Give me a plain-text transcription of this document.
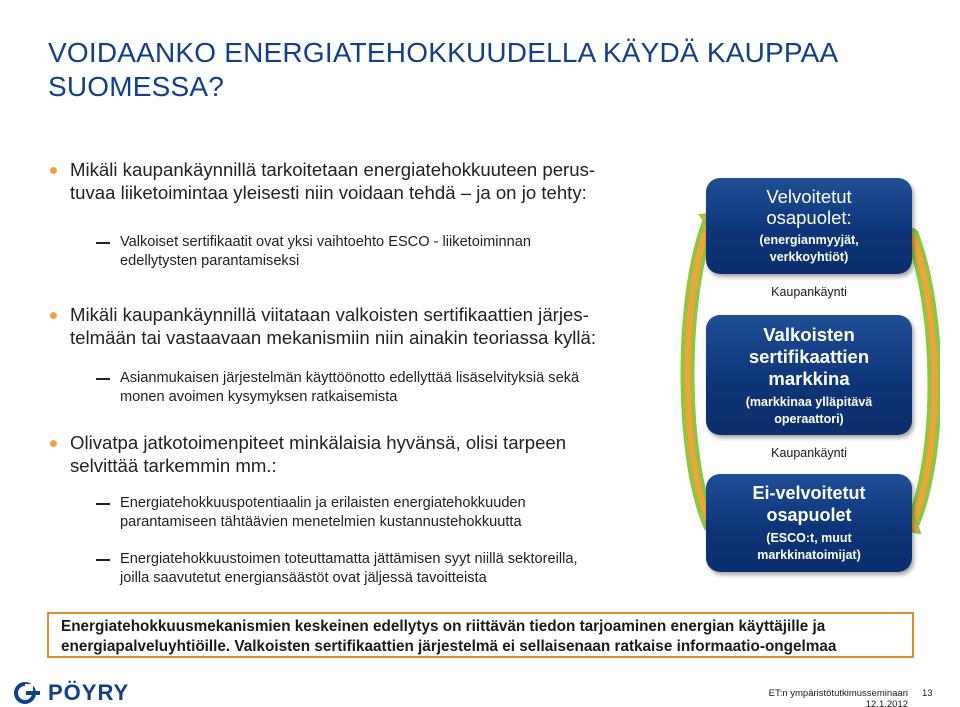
VOIDAANKO ENERGIATEHOKKUUDELLA KÄYDÄ KAUPPAA
SUOMESSA?
Mikäli kaupankäynnillä tarkoitetaan energiatehokkuuteen perus-
tuvaa liiketoimintaa yleisesti niin voidaan tehdä – ja on jo tehty:
Valkoiset sertifikaatit ovat yksi vaihtoehto ESCO - liiketoiminnan
edellytysten parantamiseksi
Mikäli kaupankäynnillä viitataan valkoisten sertifikaattien järjes-
telmään tai vastaavaan mekanismiin niin ainakin teoriassa kyllä:
Asianmukaisen järjestelmän käyttöönotto edellyttää lisäselvityksiä sekä
monen avoimen kysymyksen ratkaisemista
Olivatpa jatkotoimenpiteet minkälaisia hyvänsä, olisi tarpeen
selvittää tarkemmin mm.:
Energiatehokkuuspotentiaalin ja erilaisten energiatehokkuuden
parantamiseen tähtäävien menetelmien kustannustehokkuutta
Energiatehokkuustoimen toteuttamatta jättämisen syyt niillä sektoreilla,
joilla saavutetut energiansäästöt ovat jäljessä tavoitteista
Velvoitetut
osapuolet:
(energianmyyjät,
verkkoyhtiöt)
Kaupankäynti
Valkoisten
sertifikaattien
markkina
(markkinaa ylläpitävä
operaattori)
Kaupankäynti
Ei-velvoitetut
osapuolet
(ESCO:t, muut
markkinatoimijat)
Energiatehokkuusmekanismien keskeinen edellytys on riittävän tiedon tarjoaminen energian käyttäjille ja
energiapalveluyhtiöille. Valkoisten sertifikaattien järjestelmä ei sellaisenaan ratkaise informaatio-ongelmaa
PÖYRY	ET:n ympäristötutkimusseminaari
12.1.2012
13
